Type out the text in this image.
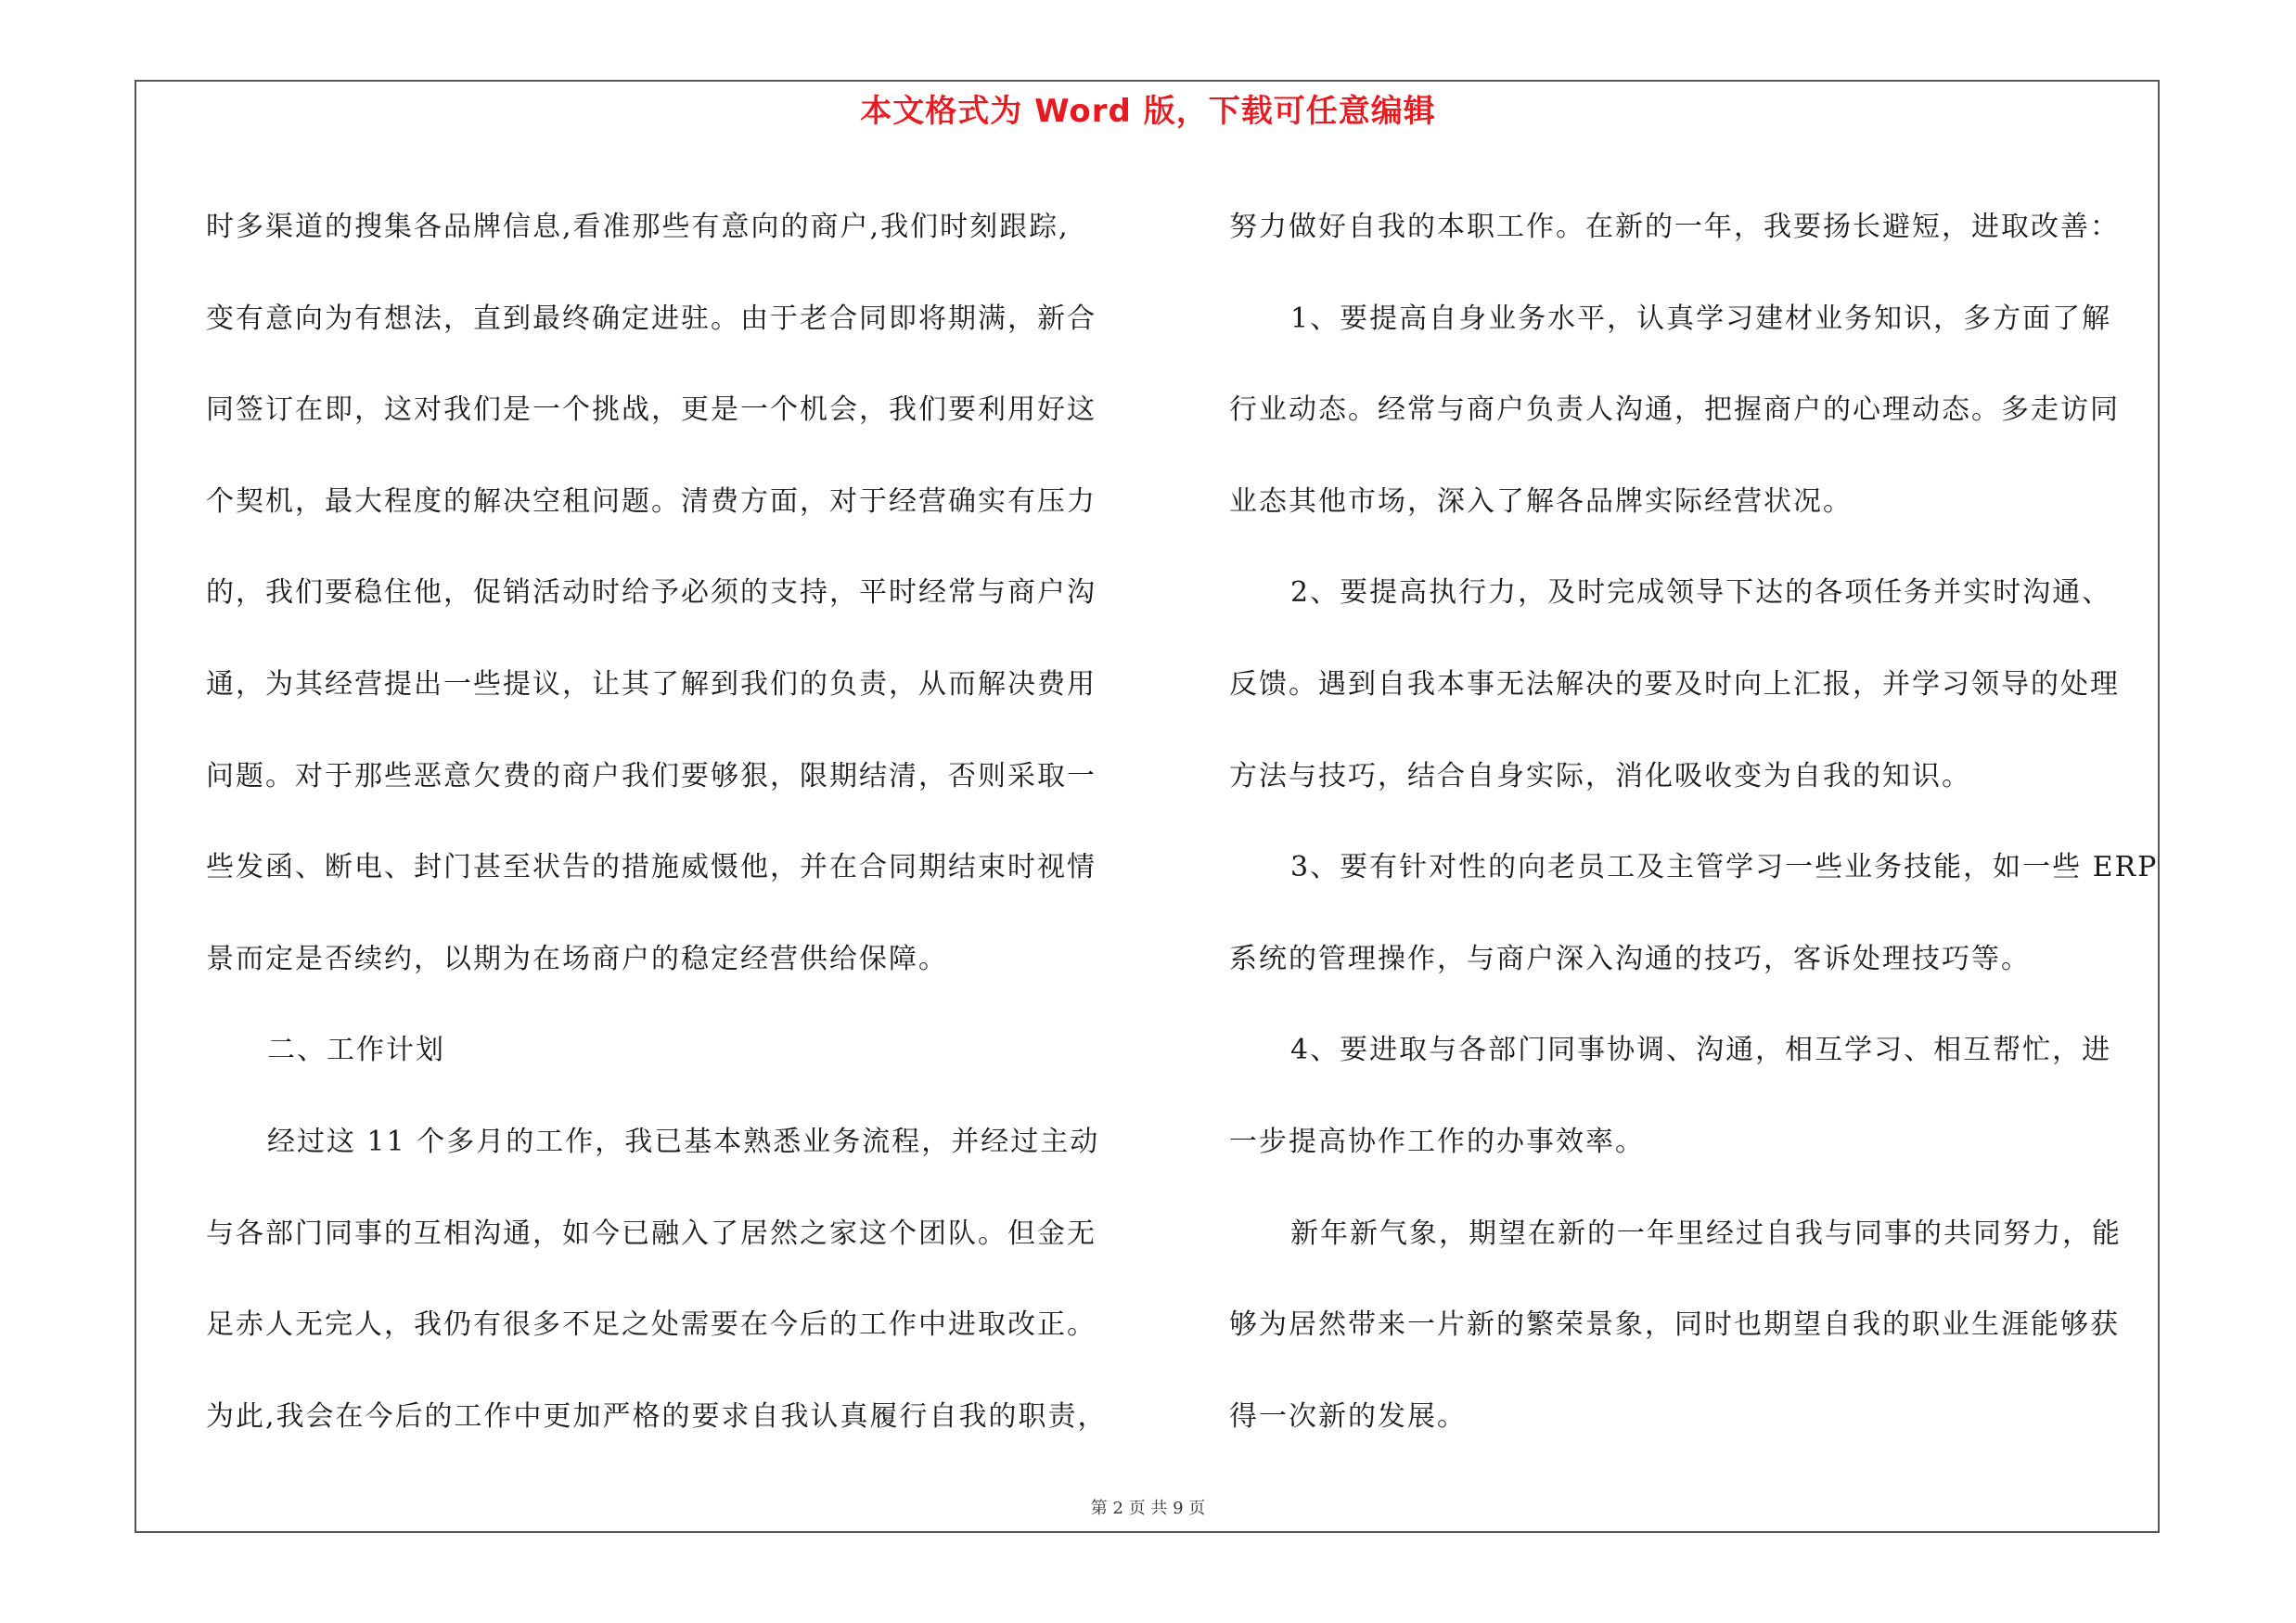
本文格式为 Word 版，下载可任意编辑
时多渠道的搜集各品牌信息,看准那些有意向的商户,我们时刻跟踪,
变有意向为有想法，直到最终确定进驻。由于老合同即将期满，新合
同签订在即，这对我们是一个挑战，更是一个机会，我们要利用好这
个契机，最大程度的解决空租问题。清费方面，对于经营确实有压力
的，我们要稳住他，促销活动时给予必须的支持，平时经常与商户沟
通，为其经营提出一些提议，让其了解到我们的负责，从而解决费用
问题。对于那些恶意欠费的商户我们要够狠，限期结清，否则采取一
些发函、断电、封门甚至状告的措施威慑他，并在合同期结束时视情
景而定是否续约，以期为在场商户的稳定经营供给保障。
二、工作计划
经过这 11 个多月的工作，我已基本熟悉业务流程，并经过主动
与各部门同事的互相沟通，如今已融入了居然之家这个团队。但金无
足赤人无完人，我仍有很多不足之处需要在今后的工作中进取改正。
为此,我会在今后的工作中更加严格的要求自我认真履行自我的职责，
努力做好自我的本职工作。在新的一年，我要扬长避短，进取改善：
1、要提高自身业务水平，认真学习建材业务知识，多方面了解
行业动态。经常与商户负责人沟通，把握商户的心理动态。多走访同
业态其他市场，深入了解各品牌实际经营状况。
2、要提高执行力，及时完成领导下达的各项任务并实时沟通、
反馈。遇到自我本事无法解决的要及时向上汇报，并学习领导的处理
方法与技巧，结合自身实际，消化吸收变为自我的知识。
3、要有针对性的向老员工及主管学习一些业务技能，如一些 ERP
系统的管理操作，与商户深入沟通的技巧，客诉处理技巧等。
4、要进取与各部门同事协调、沟通，相互学习、相互帮忙，进
一步提高协作工作的办事效率。
新年新气象，期望在新的一年里经过自我与同事的共同努力，能
够为居然带来一片新的繁荣景象，同时也期望自我的职业生涯能够获
得一次新的发展。
第 2 页 共 9 页
